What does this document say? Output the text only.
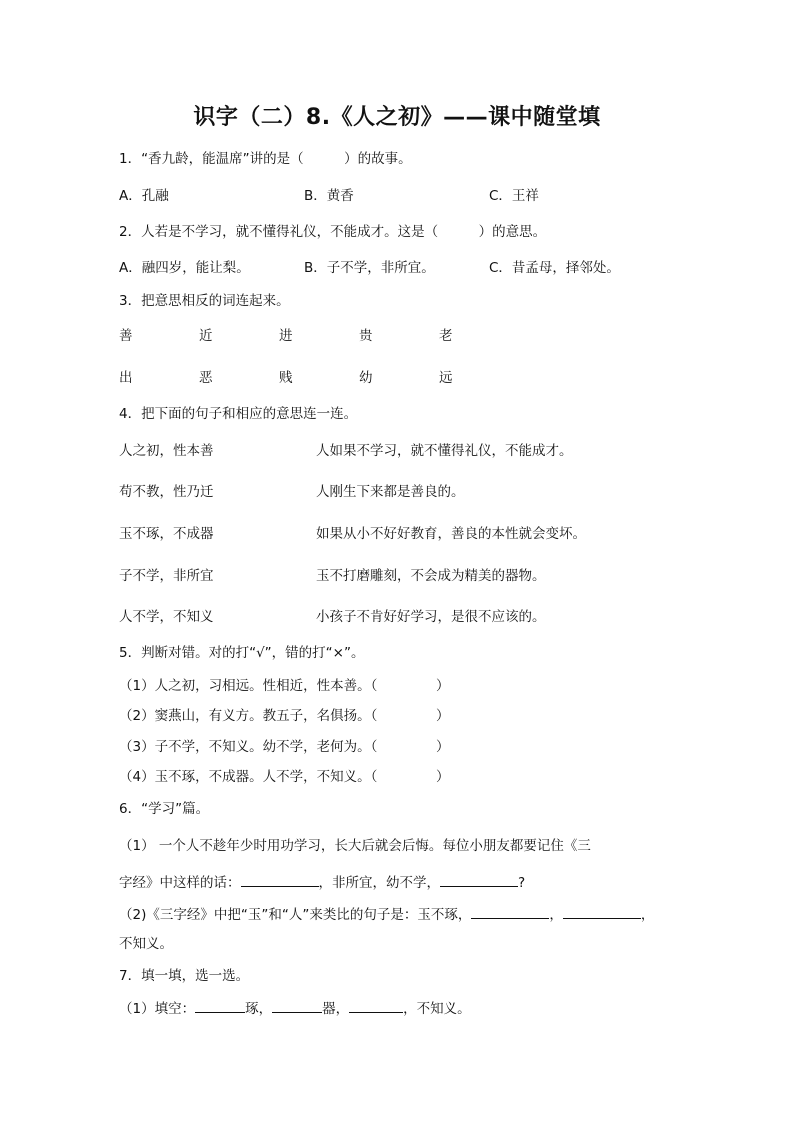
识字（二）8.《人之初》——课中随堂填
1．“香九龄，能温席”讲的是（　　　）的故事。
A．孔融	B．黄香	C．王祥
2．人若是不学习，就不懂得礼仪，不能成才。这是（　　　）的意思。
A．融四岁，能让梨。	B．子不学，非所宜。	C．昔孟母，择邻处。
3．把意思相反的词连起来。
善	近	进	贵	老
出	恶	贱	幼	远
4．把下面的句子和相应的意思连一连。
人之初，性本善	人如果不学习，就不懂得礼仪，不能成才。
苟不教，性乃迁	人刚生下来都是善良的。
玉不琢，不成器	如果从小不好好教育，善良的本性就会变坏。
子不学，非所宜	玉不打磨雕刻，不会成为精美的器物。
人不学，不知义	小孩子不肯好好学习，是很不应该的。
5．判断对错。对的打“√”，错的打“×”。
（1）人之初，习相远。性相近，性本善。（	）
（2）窦燕山，有义方。教五子，名俱扬。（	）
（3）子不学，不知义。幼不学，老何为。（	）
（4）玉不琢，不成器。人不学，不知义。（	）
6．“学习”篇。
（1） 一个人不趁年少时用功学习，长大后就会后悔。每位小朋友都要记住《三
字经》中这样的话：	，非所宜，幼不学，	?
（2)《三字经》中把“玉”和“人”来类比的句子是：玉不琢，	，	，
不知义。
7．填一填，选一选。
（1）填空：	琢，	器，	，不知义。
